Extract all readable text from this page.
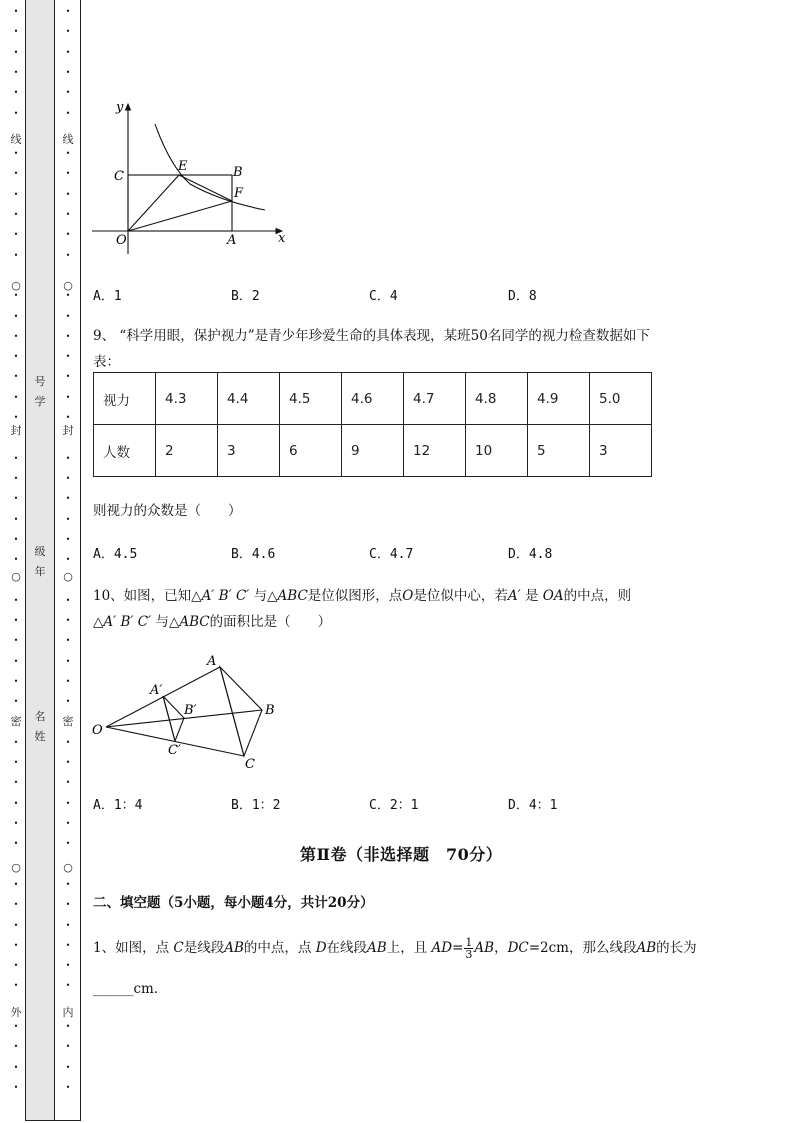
•
•
•
•
•
•
线
•
•
•
•
•
•
○
•
•
•
•
•
•
•
封
•
•
•
•
•
•
○
•
•
•
•
•
•
密
•
•
•
•
•
•
○
•
•
•
•
•
•
外
•
•
•
•
号
学
级
年
名
姓
•
•
•
•
•
•
线
•
•
•
•
•
•
○
•
•
•
•
•
•
•
封
•
•
•
•
•
•
○
•
•
•
•
•
•
密
•
•
•
•
•
•
○
•
•
•
•
•
•
内
•
•
•
•
y
x
O
C
E	B
F
A
A．1	B．2	C．4	D．8
9、 “科学用眼，保护视力”是青少年珍爱生命的具体表现，某班50名同学的视力检查数据如下
表：
视力	4.3	4.4	4.5	4.6	4.7	4.8	4.9	5.0
人数	2	3	6	9	12	10	5	3
则视力的众数是（　　）
A．4.5	B．4.6	C．4.7	D．4.8
10、如图，已知△A′ B′ C′ 与△ABC是位似图形，点O是位似中心，若A′ 是 OA的中点，则
△A′ B′ C′ 与△ABC的面积比是（　　）
O
A′
B′
C′
A
B
C
A．1：4	B．1：2	C．2：1	D．4：1
第Ⅱ卷（非选择题　70分）
二、填空题（5小题，每小题4分，共计20分）
1、如图，点 C是线段AB的中点，点 D在线段AB上，且 $AD= \frac{1}{3}$ AB，DC=2cm，那么线段AB的长为
______cm．
